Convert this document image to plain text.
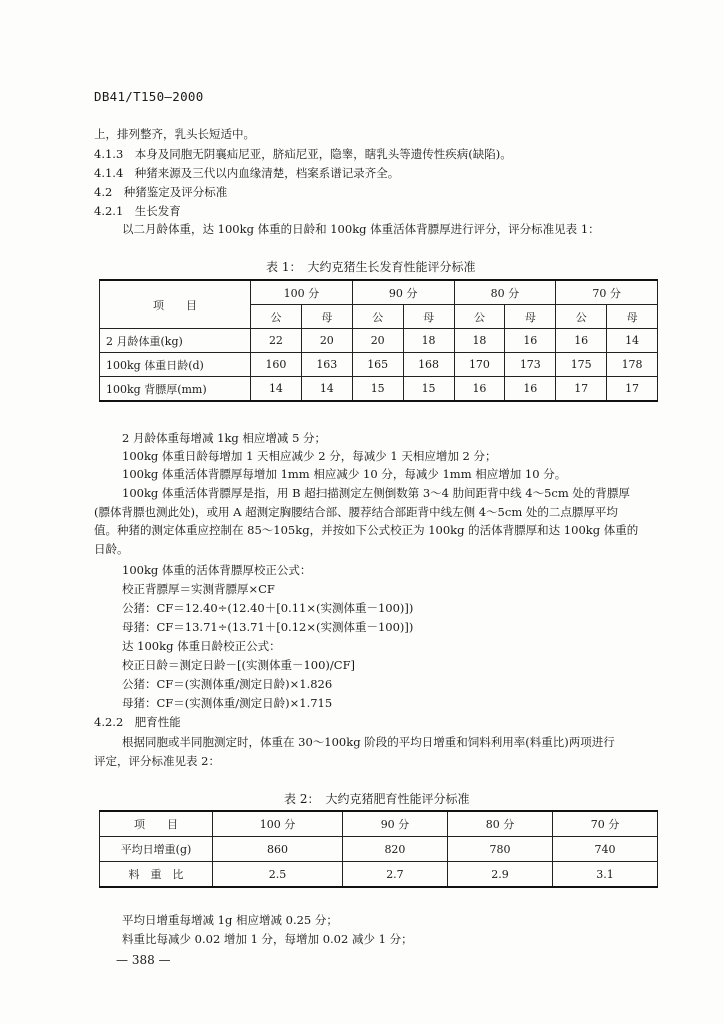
DB41/T150—2000
上，排列整齐，乳头长短适中。
4.1.3　本身及同胞无阴襄疝尼亚，脐疝尼亚，隐睾，瞎乳头等遗传性疾病(缺陷)。
4.1.4　种猪来源及三代以内血缘清楚，档案系谱记录齐全。
4.2　种猪鉴定及评分标准
4.2.1　生长发育
以二月龄体重，达 100kg 体重的日龄和 100kg 体重活体背膘厚进行评分，评分标准见表 1：
表 1：　大约克猪生长发育性能评分标准
项　　目	100 分		90 分		80 分		70 分	
	公	母	公	母	公	母	公	母
2 月龄体重(kg)	22	20	20	18	18	16	16	14
100kg 体重日龄(d)	160	163	165	168	170	173	175	178
100kg 背膘厚(mm)	14	14	15	15	16	16	17	17
2 月龄体重每增减 1kg 相应增减 5 分；
100kg 体重日龄每增加 1 天相应减少 2 分，每减少 1 天相应增加 2 分；
100kg 体重活体背膘厚每增加 1mm 相应减少 10 分，每减少 1mm 相应增加 10 分。
100kg 体重活体背膘厚是指，用 B 超扫描测定左侧倒数第 3～4 肋间距背中线 4～5cm 处的背膘厚
(膘体背膘也测此处)，或用 A 超测定胸腰结合部、腰荐结合部距背中线左侧 4～5cm 处的二点膘厚平均
值。种猪的测定体重应控制在 85～105kg，并按如下公式校正为 100kg 的活体背膘厚和达 100kg 体重的
日龄。
100kg 体重的活体背膘厚校正公式：
校正背膘厚＝实测背膘厚×CF
公猪：CF＝12.40÷(12.40＋[0.11×(实测体重－100)])
母猪：CF＝13.71÷(13.71＋[0.12×(实测体重－100)])
达 100kg 体重日龄校正公式：
校正日龄＝测定日龄－[(实测体重－100)/CF]
公猪：CF＝(实测体重/测定日龄)×1.826
母猪：CF＝(实测体重/测定日龄)×1.715
4.2.2　肥育性能
根据同胞或半同胞测定时，体重在 30～100kg 阶段的平均日增重和饲料利用率(料重比)两项进行
评定，评分标准见表 2：
表 2：　大约克猪肥育性能评分标准
项　　目	100 分	90 分	80 分	70 分
平均日增重(g)	860	820	780	740
料　重　比	2.5	2.7	2.9	3.1
平均日增重每增减 1g 相应增减 0.25 分；
料重比每减少 0.02 增加 1 分，每增加 0.02 减少 1 分；
— 388 —
